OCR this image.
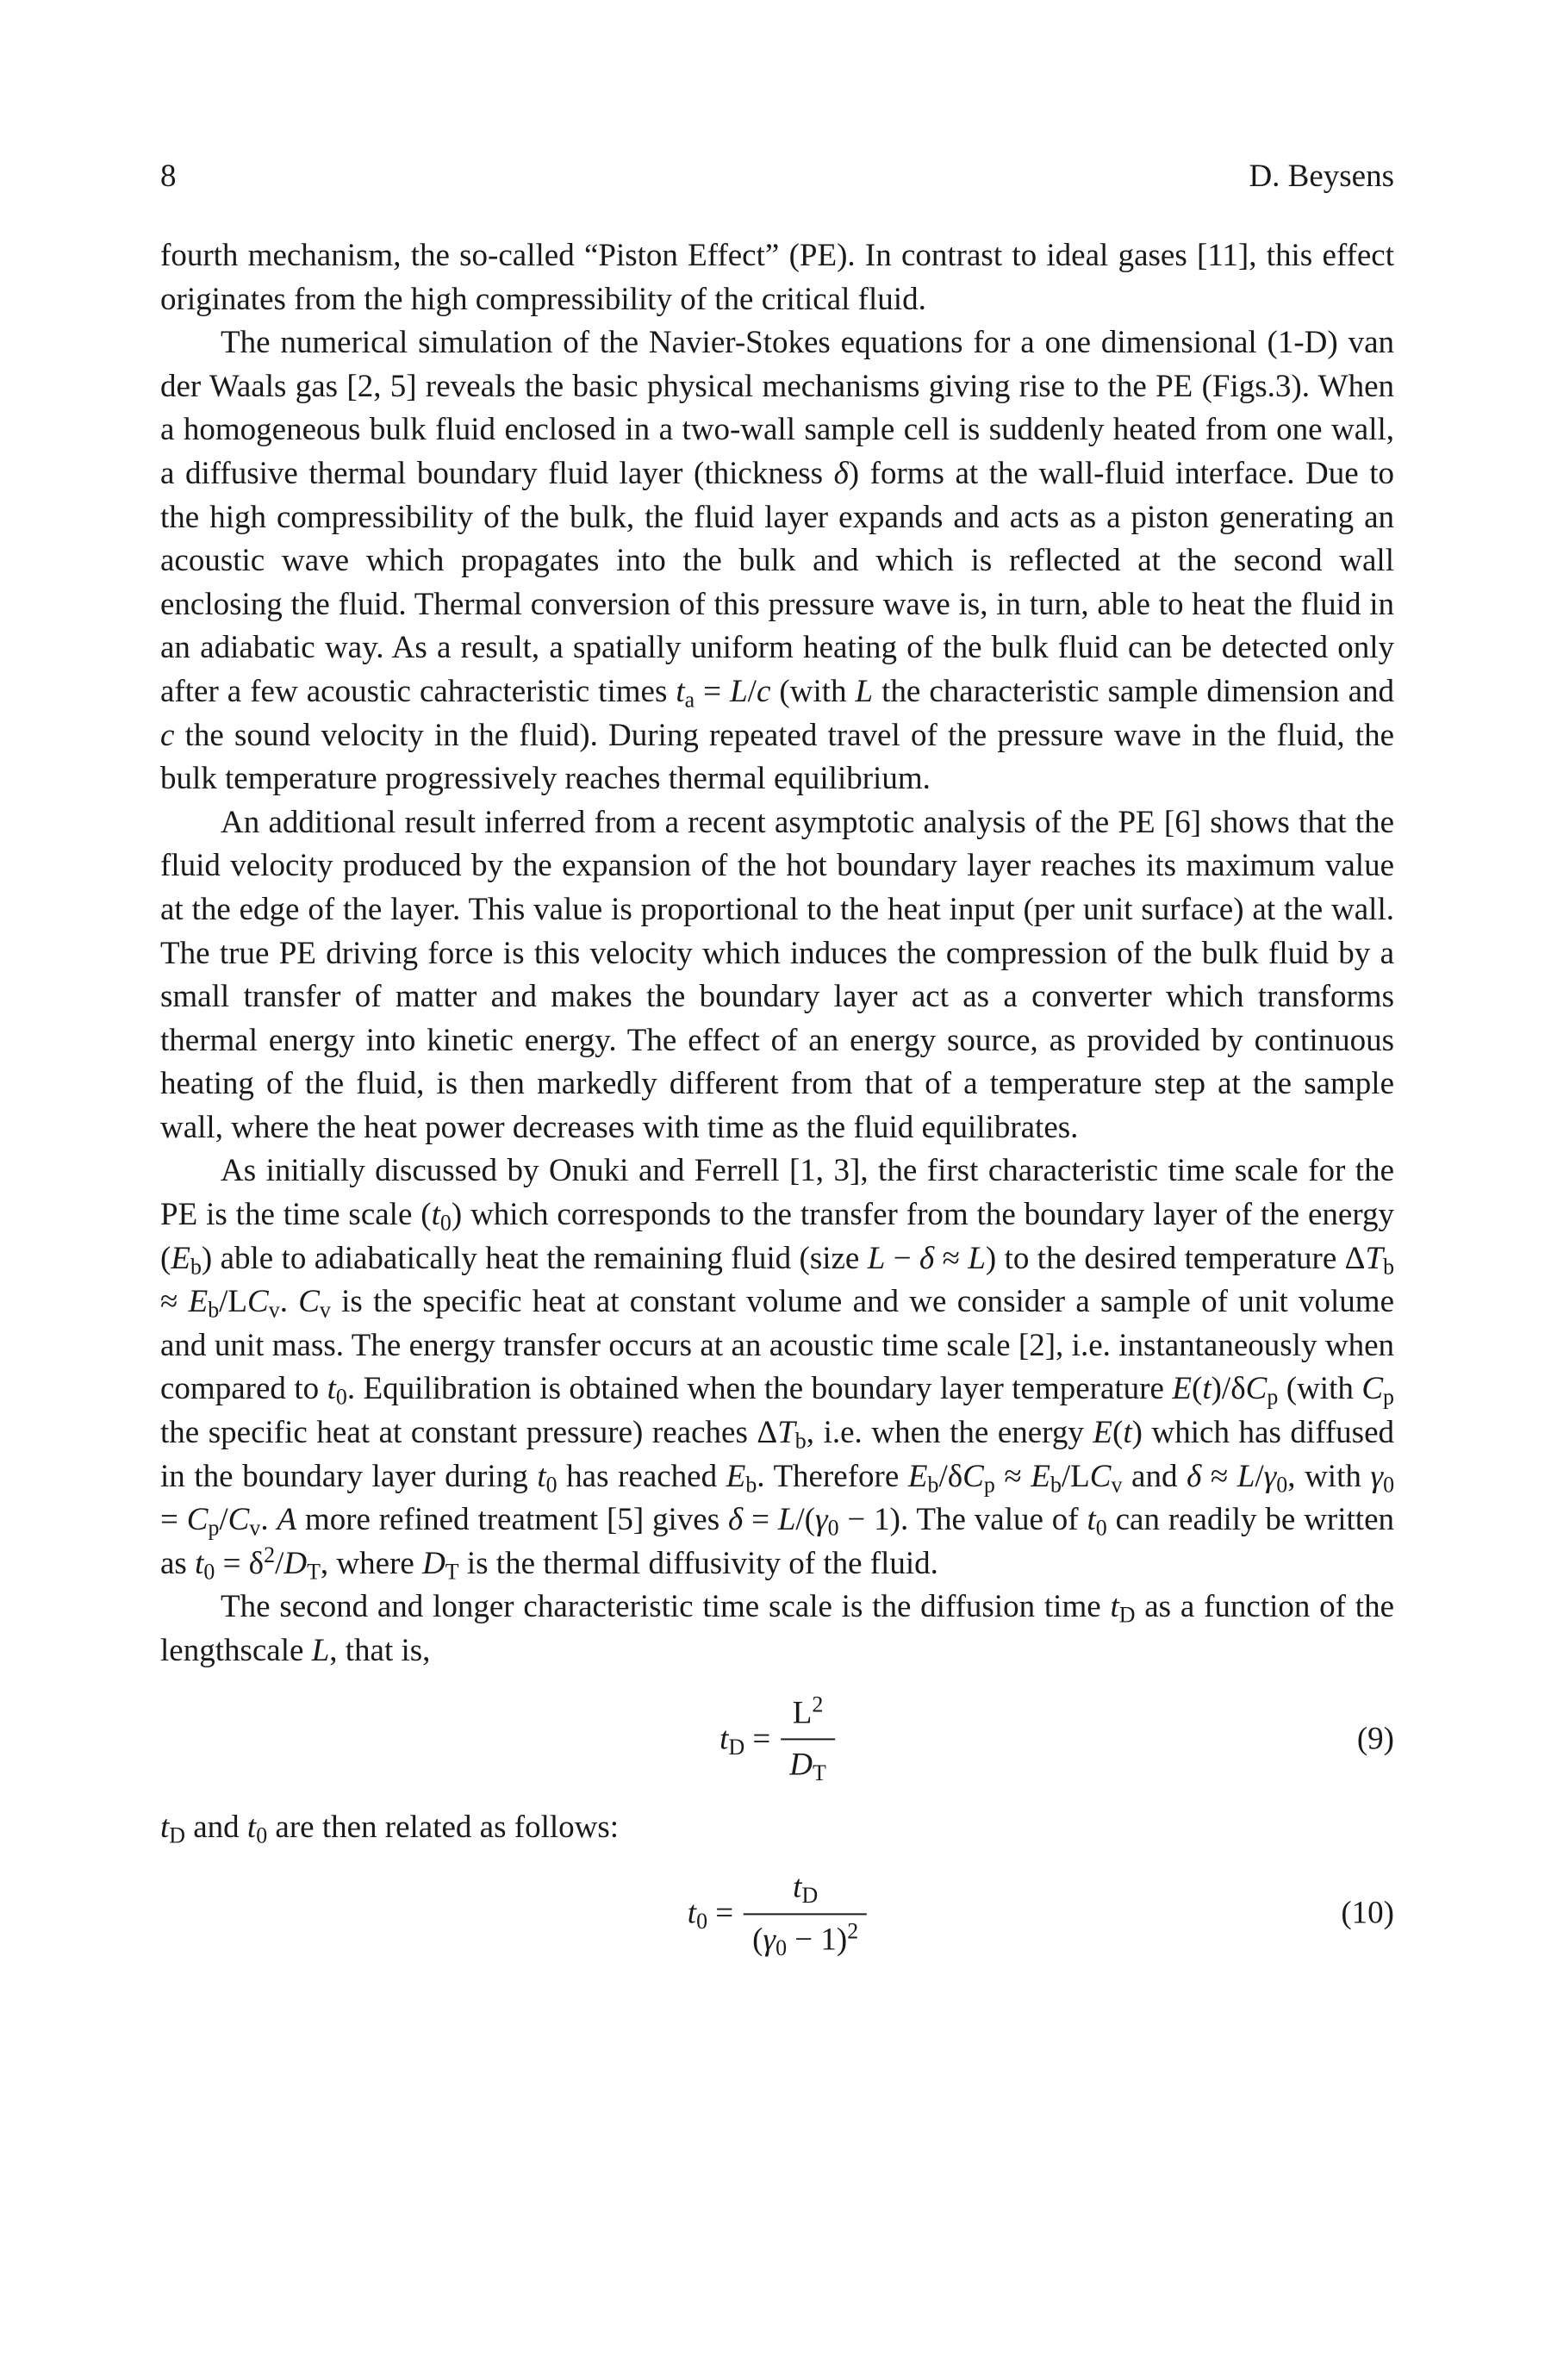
8	D. Beysens

fourth mechanism, the so-called “Piston Effect” (PE). In contrast to ideal gases [11], this effect originates from the high compressibility of the critical fluid.

The numerical simulation of the Navier-Stokes equations for a one dimensional (1-D) van der Waals gas [2, 5] reveals the basic physical mechanisms giving rise to the PE (Figs.3). When a homogeneous bulk fluid enclosed in a two-wall sample cell is suddenly heated from one wall, a diffusive thermal boundary fluid layer (thickness δ) forms at the wall-fluid interface. Due to the high compressibility of the bulk, the fluid layer expands and acts as a piston generating an acoustic wave which propagates into the bulk and which is reflected at the second wall enclosing the fluid. Thermal conversion of this pressure wave is, in turn, able to heat the fluid in an adiabatic way. As a result, a spatially uniform heating of the bulk fluid can be detected only after a few acoustic cahracteristic times $t_a = L/c$ (with L the characteristic sample dimension and c the sound velocity in the fluid). During repeated travel of the pressure wave in the fluid, the bulk temperature progressively reaches thermal equilibrium.

An additional result inferred from a recent asymptotic analysis of the PE [6] shows that the fluid velocity produced by the expansion of the hot boundary layer reaches its maximum value at the edge of the layer. This value is proportional to the heat input (per unit surface) at the wall. The true PE driving force is this velocity which induces the compression of the bulk fluid by a small transfer of matter and makes the boundary layer act as a converter which transforms thermal energy into kinetic energy. The effect of an energy source, as provided by continuous heating of the fluid, is then markedly different from that of a temperature step at the sample wall, where the heat power decreases with time as the fluid equilibrates.

As initially discussed by Onuki and Ferrell [1, 3], the first characteristic time scale for the PE is the time scale $(t_0)$ which corresponds to the transfer from the boundary layer of the energy $(E_b)$ able to adiabatically heat the remaining fluid (size L − δ ≈ L) to the desired temperature $\Delta T_b \approx E_b/LC_v$. $C_v$ is the specific heat at constant volume and we consider a sample of unit volume and unit mass. The energy transfer occurs at an acoustic time scale [2], i.e. instantaneously when compared to $t_0$. Equilibration is obtained when the boundary layer temperature $E(t)/\delta C_p$ (with $C_p$ the specific heat at constant pressure) reaches $\Delta T_b$, i.e. when the energy E(t) which has diffused in the boundary layer during $t_0$ has reached $E_b$. Therefore $E_b/\delta C_p \approx E_b/LC_v$ and $\delta \approx L/\gamma_0$, with $\gamma_0 = C_p/C_v$. A more refined treatment [5] gives $\delta = L/(\gamma_0 - 1)$. The value of $t_0$ can readily be written as $t_0 = \delta^2/D_T$, where $D_T$ is the thermal diffusivity of the fluid.

The second and longer characteristic time scale is the diffusion time $t_D$ as a function of the lengthscale L, that is,

$t_D = \frac{L^2}{D_T}$	(9)

$t_D$ and $t_0$ are then related as follows:

$t_0 = \frac{t_D}{(\gamma_0 - 1)^2}$	(10)
